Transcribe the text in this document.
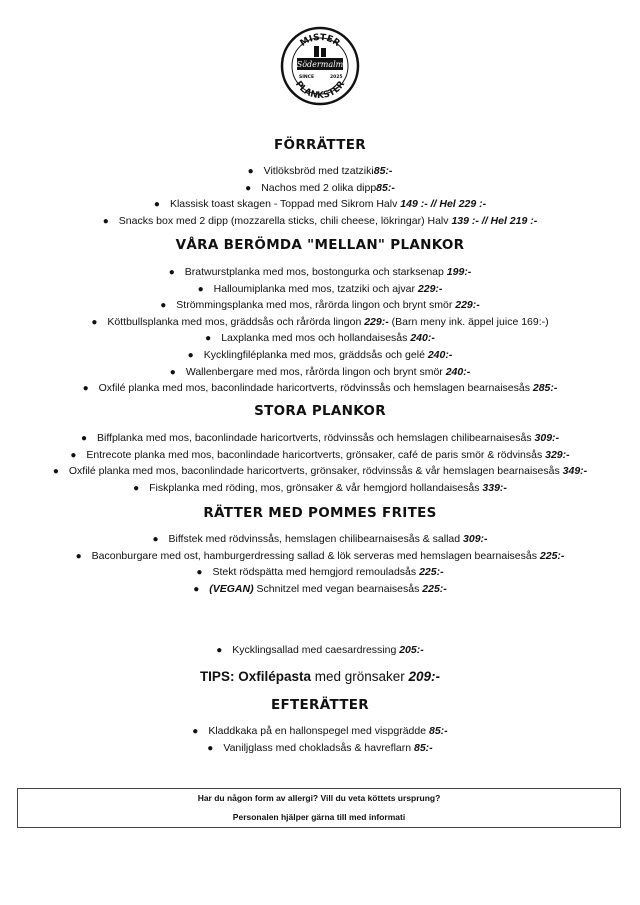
MISTER
PLANKSTER
Södermalm
SINCE	2025
FÖRRÄTTER
● Vitlöksbröd med tzatziki85:-
● Nachos med 2 olika dipp85:-
● Klassisk toast skagen - Toppad med Sikrom Halv 149 :- // Hel 229 :-
● Snacks box med 2 dipp (mozzarella sticks, chili cheese, lökringar) Halv 139 :- // Hel 219 :-
VÅRA BERÖMDA "MELLAN" PLANKOR
● Bratwurstplanka med mos, bostongurka och starksenap 199:-
● Halloumiplanka med mos, tzatziki och ajvar 229:-
● Strömmingsplanka med mos, rårörda lingon och brynt smör 229:-
● Köttbullsplanka med mos, gräddsås och rårörda lingon 229:- (Barn meny ink. äppel juice 169:-)
● Laxplanka med mos och hollandaisesås 240:-
● Kycklingfiléplanka med mos, gräddsås och gelé 240:-
● Wallenbergare med mos, rårörda lingon och brynt smör 240:-
● Oxfilé planka med mos, baconlindade haricortverts, rödvinssås och hemslagen bearnaisesås 285:-
STORA PLANKOR
● Biffplanka med mos, baconlindade haricortverts, rödvinssås och hemslagen chilibearnaisesås 309:-
● Entrecote planka med mos, baconlindade haricortverts, grönsaker, café de paris smör & rödvinsås 329:-
● Oxfilé planka med mos, baconlindade haricortverts, grönsaker, rödvinssås & vår hemslagen bearnaisesås 349:-
● Fiskplanka med röding, mos, grönsaker & vår hemgjord hollandaisesås 339:-
RÄTTER MED POMMES FRITES
● Biffstek med rödvinssås, hemslagen chilibearnaisesås & sallad 309:-
● Baconburgare med ost, hamburgerdressing sallad & lök serveras med hemslagen bearnaisesås 225:-
● Stekt rödspätta med hemgjord remouladsås 225:-
● (VEGAN) Schnitzel med vegan bearnaisesås 225:-
● Kycklingsallad med caesardressing 205:-
TIPS: Oxfilépasta med grönsaker 209:-
EFTERÄTTER
● Kladdkaka på en hallonspegel med vispgrädde 85:-
● Vaniljglass med chokladsås & havreflarn 85:-
Har du någon form av allergi? Vill du veta köttets ursprung?
Personalen hjälper gärna till med informati
